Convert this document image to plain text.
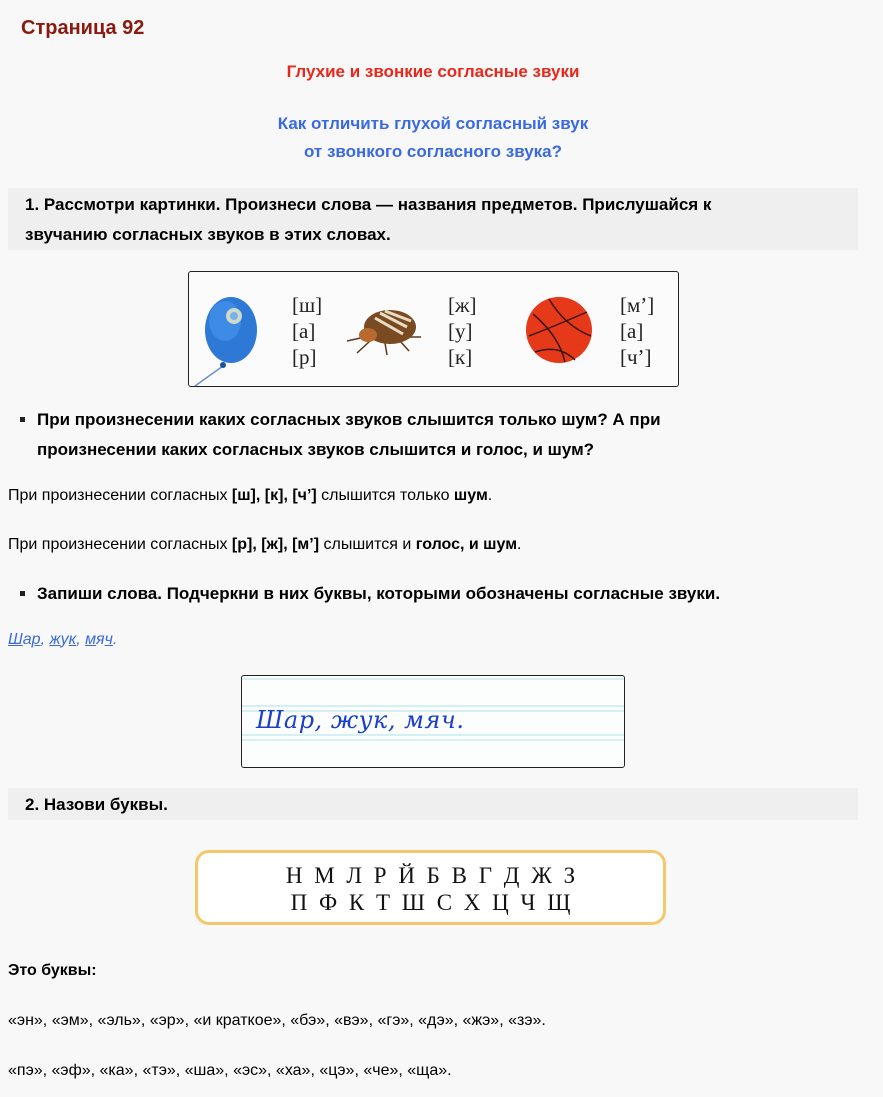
Страница 92
Глухие и звонкие согласные звуки
Как отличить глухой согласный звук
от звонкого согласного звука?
1. Рассмотри картинки. Произнеси слова — названия предметов. Прислушайся к
звучанию согласных звуков в этих словах.
[ш]
[а]
[р]
[ж]
[у]
[к]
[м’]
[а]
[ч’]
При произнесении каких согласных звуков слышится только шум? А при
произнесении каких согласных звуков слышится и голос, и шум?
При произнесении согласных [ш], [к], [ч’] слышится только шум.
При произнесении согласных [р], [ж], [м’] слышится и голос, и шум.
Запиши слова. Подчеркни в них буквы, которыми обозначены согласные звуки.
Шар, жук, мяч.
Шар, жук, мяч.
2. Назови буквы.
Н М Л Р Й Б В Г Д Ж З
П Ф К Т Ш С Х Ц Ч Щ
Это буквы:
«эн», «эм», «эль», «эр», «и краткое», «бэ», «вэ», «гэ», «дэ», «жэ», «зэ».
«пэ», «эф», «ка», «тэ», «ша», «эс», «ха», «цэ», «че», «ща».
